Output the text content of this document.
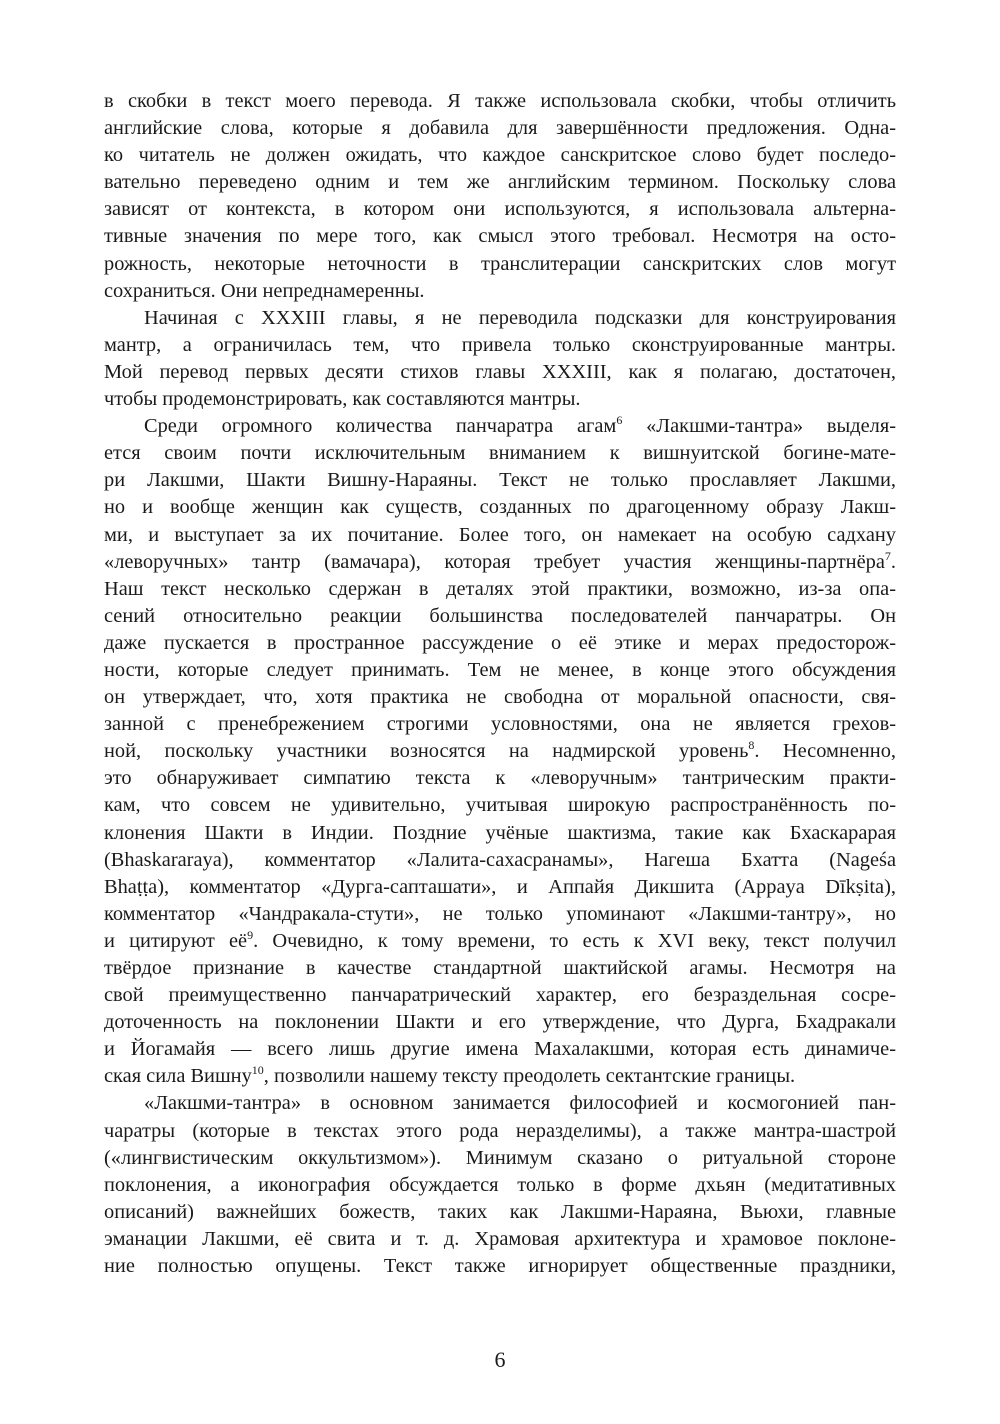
в скобки в текст моего перевода. Я также использовала скобки, чтобы отличить
английские слова, которые я добавила для завершённости предложения. Одна-
ко читатель не должен ожидать, что каждое санскритское слово будет последо-
вательно переведено одним и тем же английским термином. Поскольку слова
зависят от контекста, в котором они используются, я использовала альтерна-
тивные значения по мере того, как смысл этого требовал. Несмотря на осто-
рожность, некоторые неточности в транслитерации санскритских слов могут
сохраниться. Они непреднамеренны.
Начиная с XXXIII главы, я не переводила подсказки для конструирования
мантр, а ограничилась тем, что привела только сконструированные мантры.
Мой перевод первых десяти стихов главы XXXIII, как я полагаю, достаточен,
чтобы продемонстрировать, как составляются мантры.
Среди огромного количества панчаратра агам$^6$ «Лакшми-тантра» выделя-
ется своим почти исключительным вниманием к вишнуитской богине-мате-
ри Лакшми, Шакти Вишну-Нараяны. Текст не только прославляет Лакшми,
но и вообще женщин как существ, созданных по драгоценному образу Лакш-
ми, и выступает за их почитание. Более того, он намекает на особую садхану
«леворучных» тантр (вамачара), которая требует участия женщины-партнёра$^7$.
Наш текст несколько сдержан в деталях этой практики, возможно, из-за опа-
сений относительно реакции большинства последователей панчаратры. Он
даже пускается в пространное рассуждение о её этике и мерах предосторож-
ности, которые следует принимать. Тем не менее, в конце этого обсуждения
он утверждает, что, хотя практика не свободна от моральной опасности, свя-
занной с пренебрежением строгими условностями, она не является грехов-
ной, поскольку участники возносятся на надмирской уровень$^8$. Несомненно,
это обнаруживает симпатию текста к «леворучным» тантрическим практи-
кам, что совсем не удивительно, учитывая широкую распространённость по-
клонения Шакти в Индии. Поздние учёные шактизма, такие как Бхаскарарая
(Bhaskararaya), комментатор «Лалита-сахасранамы», Нагеша Бхатта (Nageśa
Bhaṭṭa), комментатор «Дурга-сапташати», и Аппайя Дикшита (Appaya Dīkṣita),
комментатор «Чандракала-стути», не только упоминают «Лакшми-тантру», но
и цитируют $её^9$. Очевидно, к тому времени, то есть к XVI веку, текст получил
твёрдое признание в качестве стандартной шактийской агамы. Несмотря на
свой преимущественно панчаратрический характер, его безраздельная сосре-
доточенность на поклонении Шакти и его утверждение, что Дурга, Бхадракали
и Йогамайя — всего лишь другие имена Махалакшми, которая есть динамиче-
ская сила Вишну$^{10}$, позволили нашему тексту преодолеть сектантские границы.
«Лакшми-тантра» в основном занимается философией и космогонией пан-
чаратры (которые в текстах этого рода неразделимы), а также мантра-шастрой
(«лингвистическим оккультизмом»). Минимум сказано о ритуальной стороне
поклонения, а иконография обсуждается только в форме дхьян (медитативных
описаний) важнейших божеств, таких как Лакшми-Нараяна, Вьюхи, главные
эманации Лакшми, её свита и т. д. Храмовая архитектура и храмовое поклоне-
ние полностью опущены. Текст также игнорирует общественные праздники,
6
